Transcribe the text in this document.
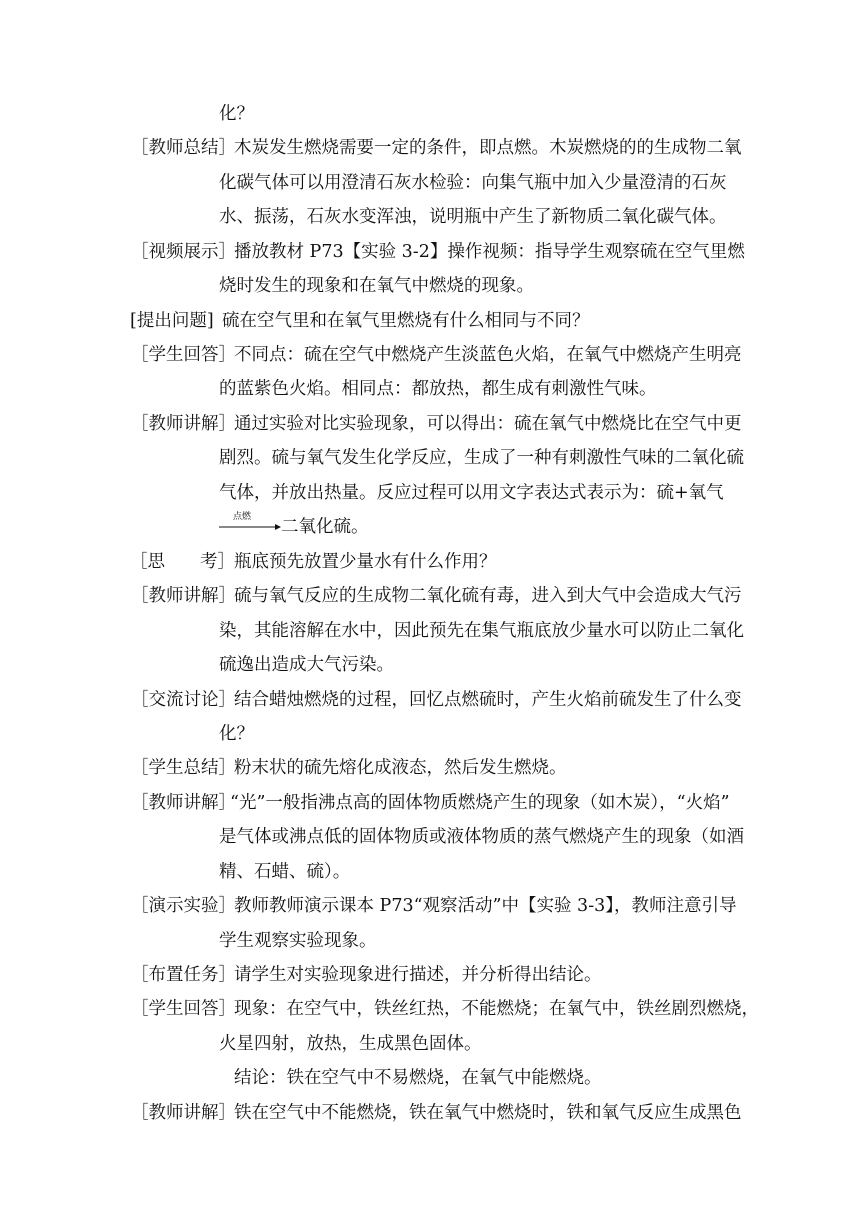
化？
［教师总结］
木炭发生燃烧需要一定的条件，即点燃。木炭燃烧的的生成物二氧
化碳气体可以用澄清石灰水检验：向集气瓶中加入少量澄清的石灰
水、振荡，石灰水变浑浊，说明瓶中产生了新物质二氧化碳气体。
［视频展示］
播放教材 P73【实验 3-2】操作视频：指导学生观察硫在空气里燃
烧时发生的现象和在氧气中燃烧的现象。
[提出问题] 硫在空气里和在氧气里燃烧有什么相同与不同？
［学生回答］
不同点：硫在空气中燃烧产生淡蓝色火焰，在氧气中燃烧产生明亮
的蓝紫色火焰。相同点：都放热，都生成有刺激性气味。
［教师讲解］
通过实验对比实验现象，可以得出：硫在氧气中燃烧比在空气中更
剧烈。硫与氧气发生化学反应，生成了一种有刺激性气味的二氧化硫
气体，并放出热量。反应过程可以用文字表达式表示为：硫+氧气
点燃 二氧化硫。
［思　　考］ 瓶底预先放置少量水有什么作用？
［教师讲解］
硫与氧气反应的生成物二氧化硫有毒，进入到大气中会造成大气污
染，其能溶解在水中，因此预先在集气瓶底放少量水可以防止二氧化
硫逸出造成大气污染。
［交流讨论］
结合蜡烛燃烧的过程，回忆点燃硫时，产生火焰前硫发生了什么变
化？
［学生总结］
粉末状的硫先熔化成液态，然后发生燃烧。
［教师讲解］
“光”一般指沸点高的固体物质燃烧产生的现象（如木炭），“火焰”
是气体或沸点低的固体物质或液体物质的蒸气燃烧产生的现象（如酒
精、石蜡、硫）。
［演示实验］
教师教师演示课本 P73“观察活动”中【实验 3-3】，教师注意引导
学生观察实验现象。
［布置任务］
请学生对实验现象进行描述，并分析得出结论。
［学生回答］
现象：在空气中，铁丝红热，不能燃烧；在氧气中，铁丝剧烈燃烧，
火星四射，放热，生成黑色固体。
结论：铁在空气中不易燃烧，在氧气中能燃烧。
［教师讲解］
铁在空气中不能燃烧，铁在氧气中燃烧时，铁和氧气反应生成黑色
